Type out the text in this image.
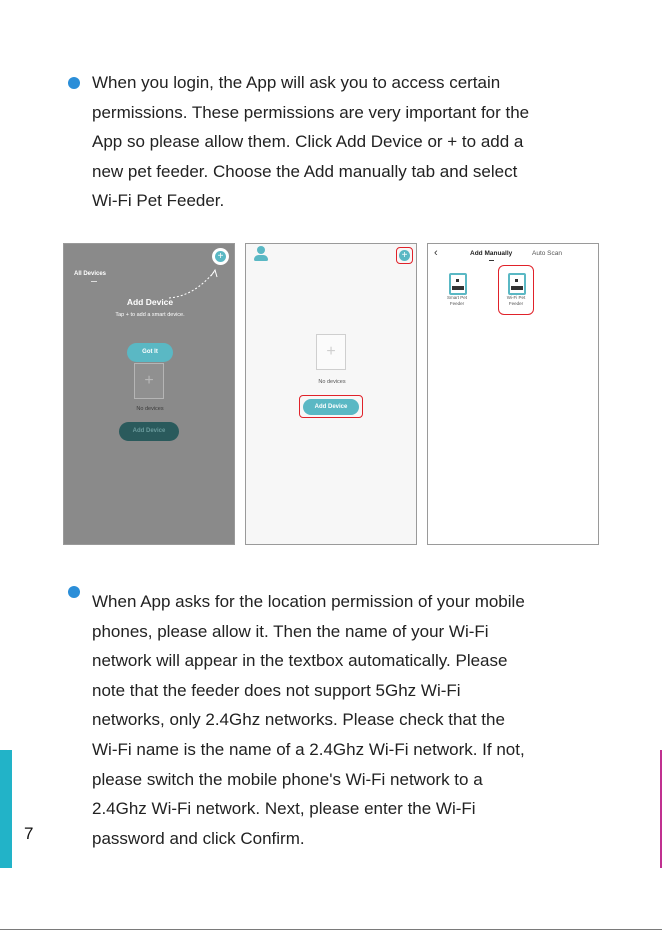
When you login, the App will ask you to access certain
permissions. These permissions are very important for the
App so please allow them. Click Add Device or + to add a
new pet feeder. Choose the Add manually tab and select
Wi-Fi Pet Feeder.
All Devices
+
Add Device
Tap + to add a smart device.
Got It
+
No devices
Add Device
+
+
No devices
Add Device
‹	Add Manually	Auto Scan
Smart Pet
Feeder
Wi-Fi Pet
Feeder
When App asks for the location permission of your mobile
phones, please allow it. Then the name of your Wi-Fi
network will appear in the textbox automatically. Please
note that the feeder does not support 5Ghz Wi-Fi
networks, only 2.4Ghz networks. Please check that the
Wi-Fi name is the name of a 2.4Ghz Wi-Fi network. If not,
please switch the mobile phone's Wi-Fi network to a
2.4Ghz Wi-Fi network. Next, please enter the Wi-Fi
password and click Confirm.
7
